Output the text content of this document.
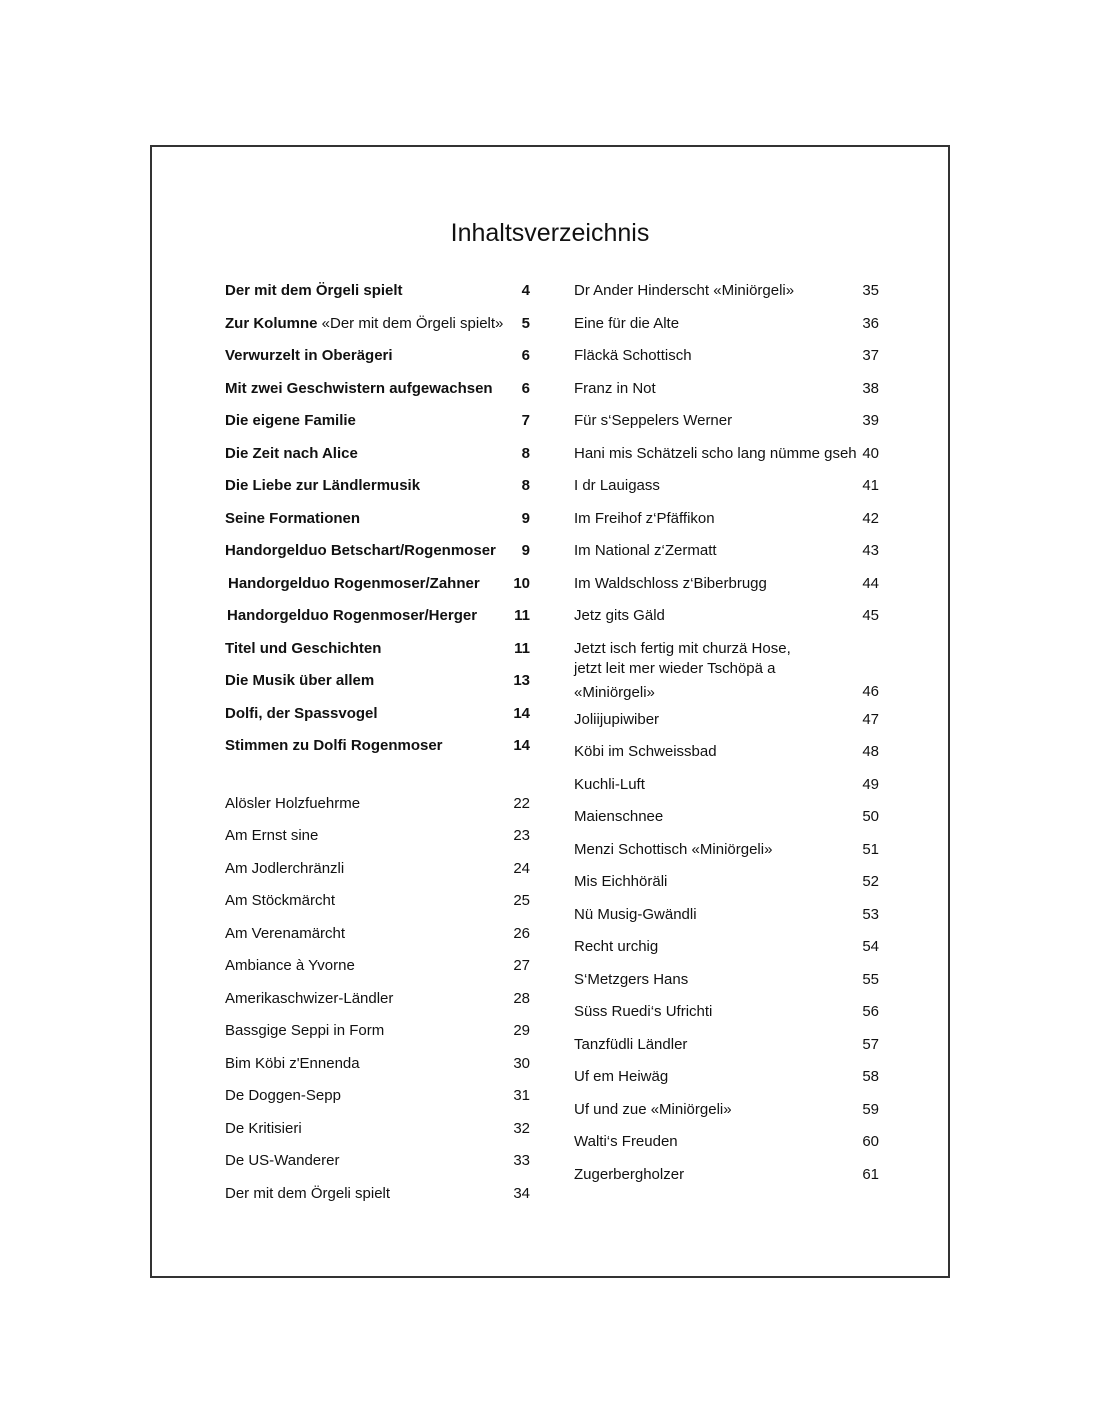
Inhaltsverzeichnis
Der mit dem Örgeli spielt	4
Zur Kolumne «Der mit dem Örgeli spielt» 5
Verwurzelt in Oberägeri	6
Mit zwei Geschwistern aufgewachsen 6
Die eigene Familie	7
Die Zeit nach Alice	8
Die Liebe zur Ländlermusik	8
Seine Formationen	9
Handorgelduo Betschart/Rogenmoser 9
Handorgelduo Rogenmoser/Zahner 10
Handorgelduo Rogenmoser/Herger 11
Titel und Geschichten	11
Die Musik über allem	13
Dolfi, der Spassvogel	14
Stimmen zu Dolfi Rogenmoser	14
Alösler Holzfuehrme	22
Am Ernst sine	23
Am Jodlerchränzli	24
Am Stöckmärcht	25
Am Verenamärcht	26
Ambiance à Yvorne	27
Amerikaschwizer-Ländler	28
Bassgige Seppi in Form	29
Bim Köbi z'Ennenda	30
De Doggen-Sepp	31
De Kritisieri	32
De US-Wanderer	33
Der mit dem Örgeli spielt	34
Dr Ander Hinderscht «Miniörgeli»	35
Eine für die Alte	36
Fläckä Schottisch	37
Franz in Not	38
Für s‘Seppelers Werner	39
Hani mis Schätzeli scho lang nümme gseh 40
I dr Lauigass	41
Im Freihof z‘Pfäffikon	42
Im National z‘Zermatt	43
Im Waldschloss z‘Biberbrugg	44
Jetz gits Gäld	45
Jetzt isch fertig mit churzä Hose,
jetzt leit mer wieder Tschöpä a
«Miniörgeli»	46
Joliijupiwiber	47
Köbi im Schweissbad	48
Kuchli-Luft	49
Maienschnee	50
Menzi Schottisch «Miniörgeli»	51
Mis Eichhöräli	52
Nü Musig-Gwändli	53
Recht urchig	54
S‘Metzgers Hans	55
Süss Ruedi‘s Ufrichti	56
Tanzfüdli Ländler	57
Uf em Heiwäg	58
Uf und zue «Miniörgeli»	59
Walti‘s Freuden	60
Zugerbergholzer	61
